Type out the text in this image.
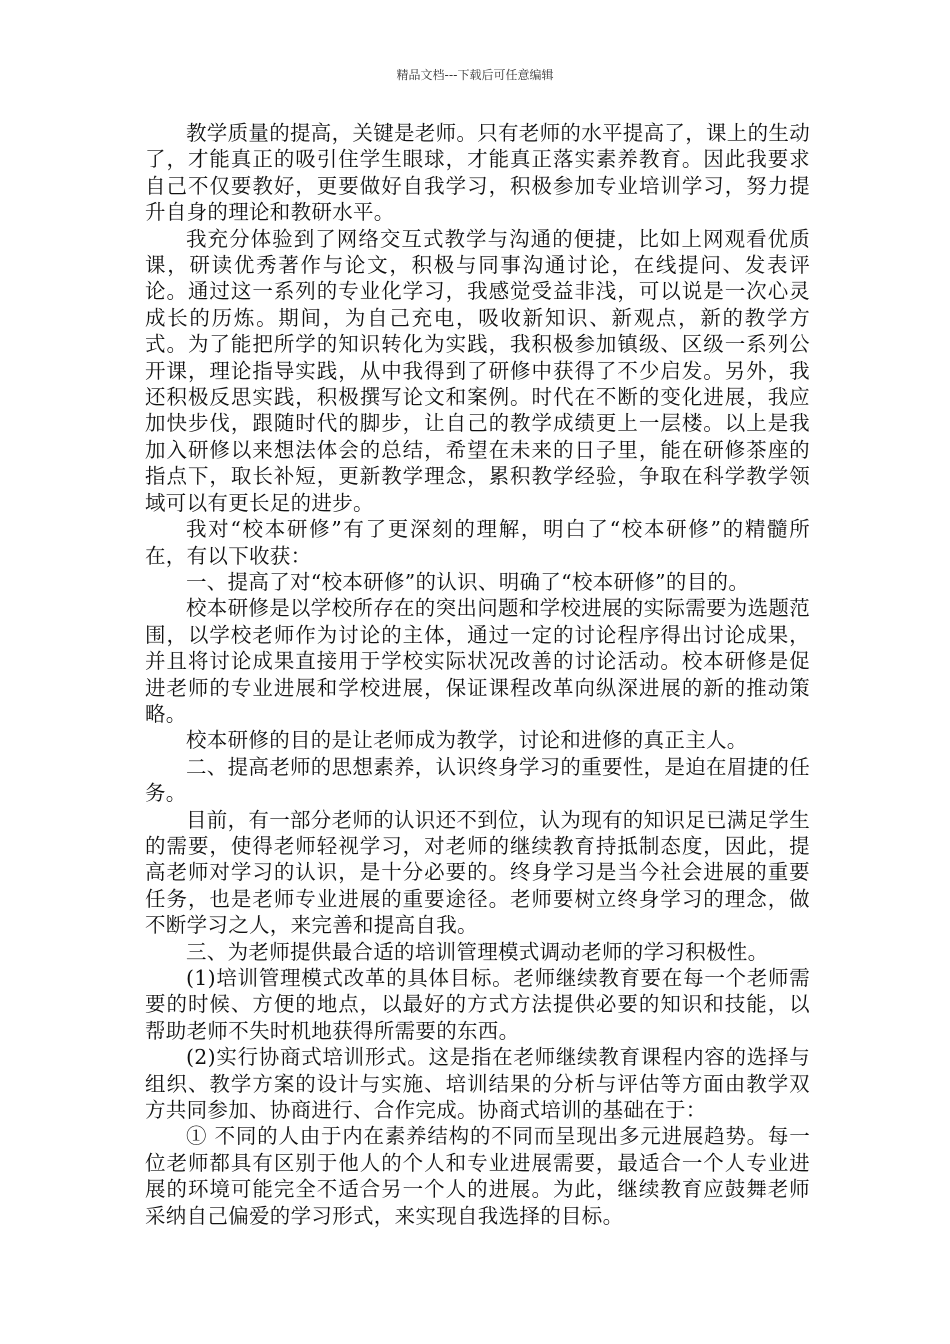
精品文档---下载后可任意编辑

教学质量的提高，关键是老师。只有老师的水平提高了，课上的生动了，才能真正的吸引住学生眼球，才能真正落实素养教育。因此我要求自己不仅要教好，更要做好自我学习，积极参加专业培训学习，努力提升自身的理论和教研水平。

我充分体验到了网络交互式教学与沟通的便捷，比如上网观看优质课，研读优秀著作与论文，积极与同事沟通讨论，在线提问、发表评论。通过这一系列的专业化学习，我感觉受益非浅，可以说是一次心灵成长的历炼。期间，为自己充电，吸收新知识、新观点，新的教学方式。为了能把所学的知识转化为实践，我积极参加镇级、区级一系列公开课，理论指导实践，从中我得到了研修中获得了不少启发。另外，我还积极反思实践，积极撰写论文和案例。时代在不断的变化进展，我应加快步伐，跟随时代的脚步，让自己的教学成绩更上一层楼。以上是我加入研修以来想法体会的总结，希望在未来的日子里，能在研修茶座的指点下，取长补短，更新教学理念，累积教学经验，争取在科学教学领域可以有更长足的进步。

我对“校本研修”有了更深刻的理解，明白了“校本研修”的精髓所在，有以下收获：

一、提高了对“校本研修”的认识、明确了“校本研修”的目的。

校本研修是以学校所存在的突出问题和学校进展的实际需要为选题范围，以学校老师作为讨论的主体，通过一定的讨论程序得出讨论成果，并且将讨论成果直接用于学校实际状况改善的讨论活动。校本研修是促进老师的专业进展和学校进展，保证课程改革向纵深进展的新的推动策略。

校本研修的目的是让老师成为教学，讨论和进修的真正主人。

二、提高老师的思想素养，认识终身学习的重要性，是迫在眉捷的任务。

目前，有一部分老师的认识还不到位，认为现有的知识足已满足学生的需要，使得老师轻视学习，对老师的继续教育持抵制态度，因此，提高老师对学习的认识，是十分必要的。终身学习是当今社会进展的重要任务，也是老师专业进展的重要途径。老师要树立终身学习的理念，做不断学习之人，来完善和提高自我。

三、为老师提供最合适的培训管理模式调动老师的学习积极性。

(1)培训管理模式改革的具体目标。老师继续教育要在每一个老师需要的时候、方便的地点，以最好的方式方法提供必要的知识和技能，以帮助老师不失时机地获得所需要的东西。

(2)实行协商式培训形式。这是指在老师继续教育课程内容的选择与组织、教学方案的设计与实施、培训结果的分析与评估等方面由教学双方共同参加、协商进行、合作完成。协商式培训的基础在于：

① 不同的人由于内在素养结构的不同而呈现出多元进展趋势。每一位老师都具有区别于他人的个人和专业进展需要，最适合一个人专业进展的环境可能完全不适合另一个人的进展。为此，继续教育应鼓舞老师采纳自己偏爱的学习形式，来实现自我选择的目标。
